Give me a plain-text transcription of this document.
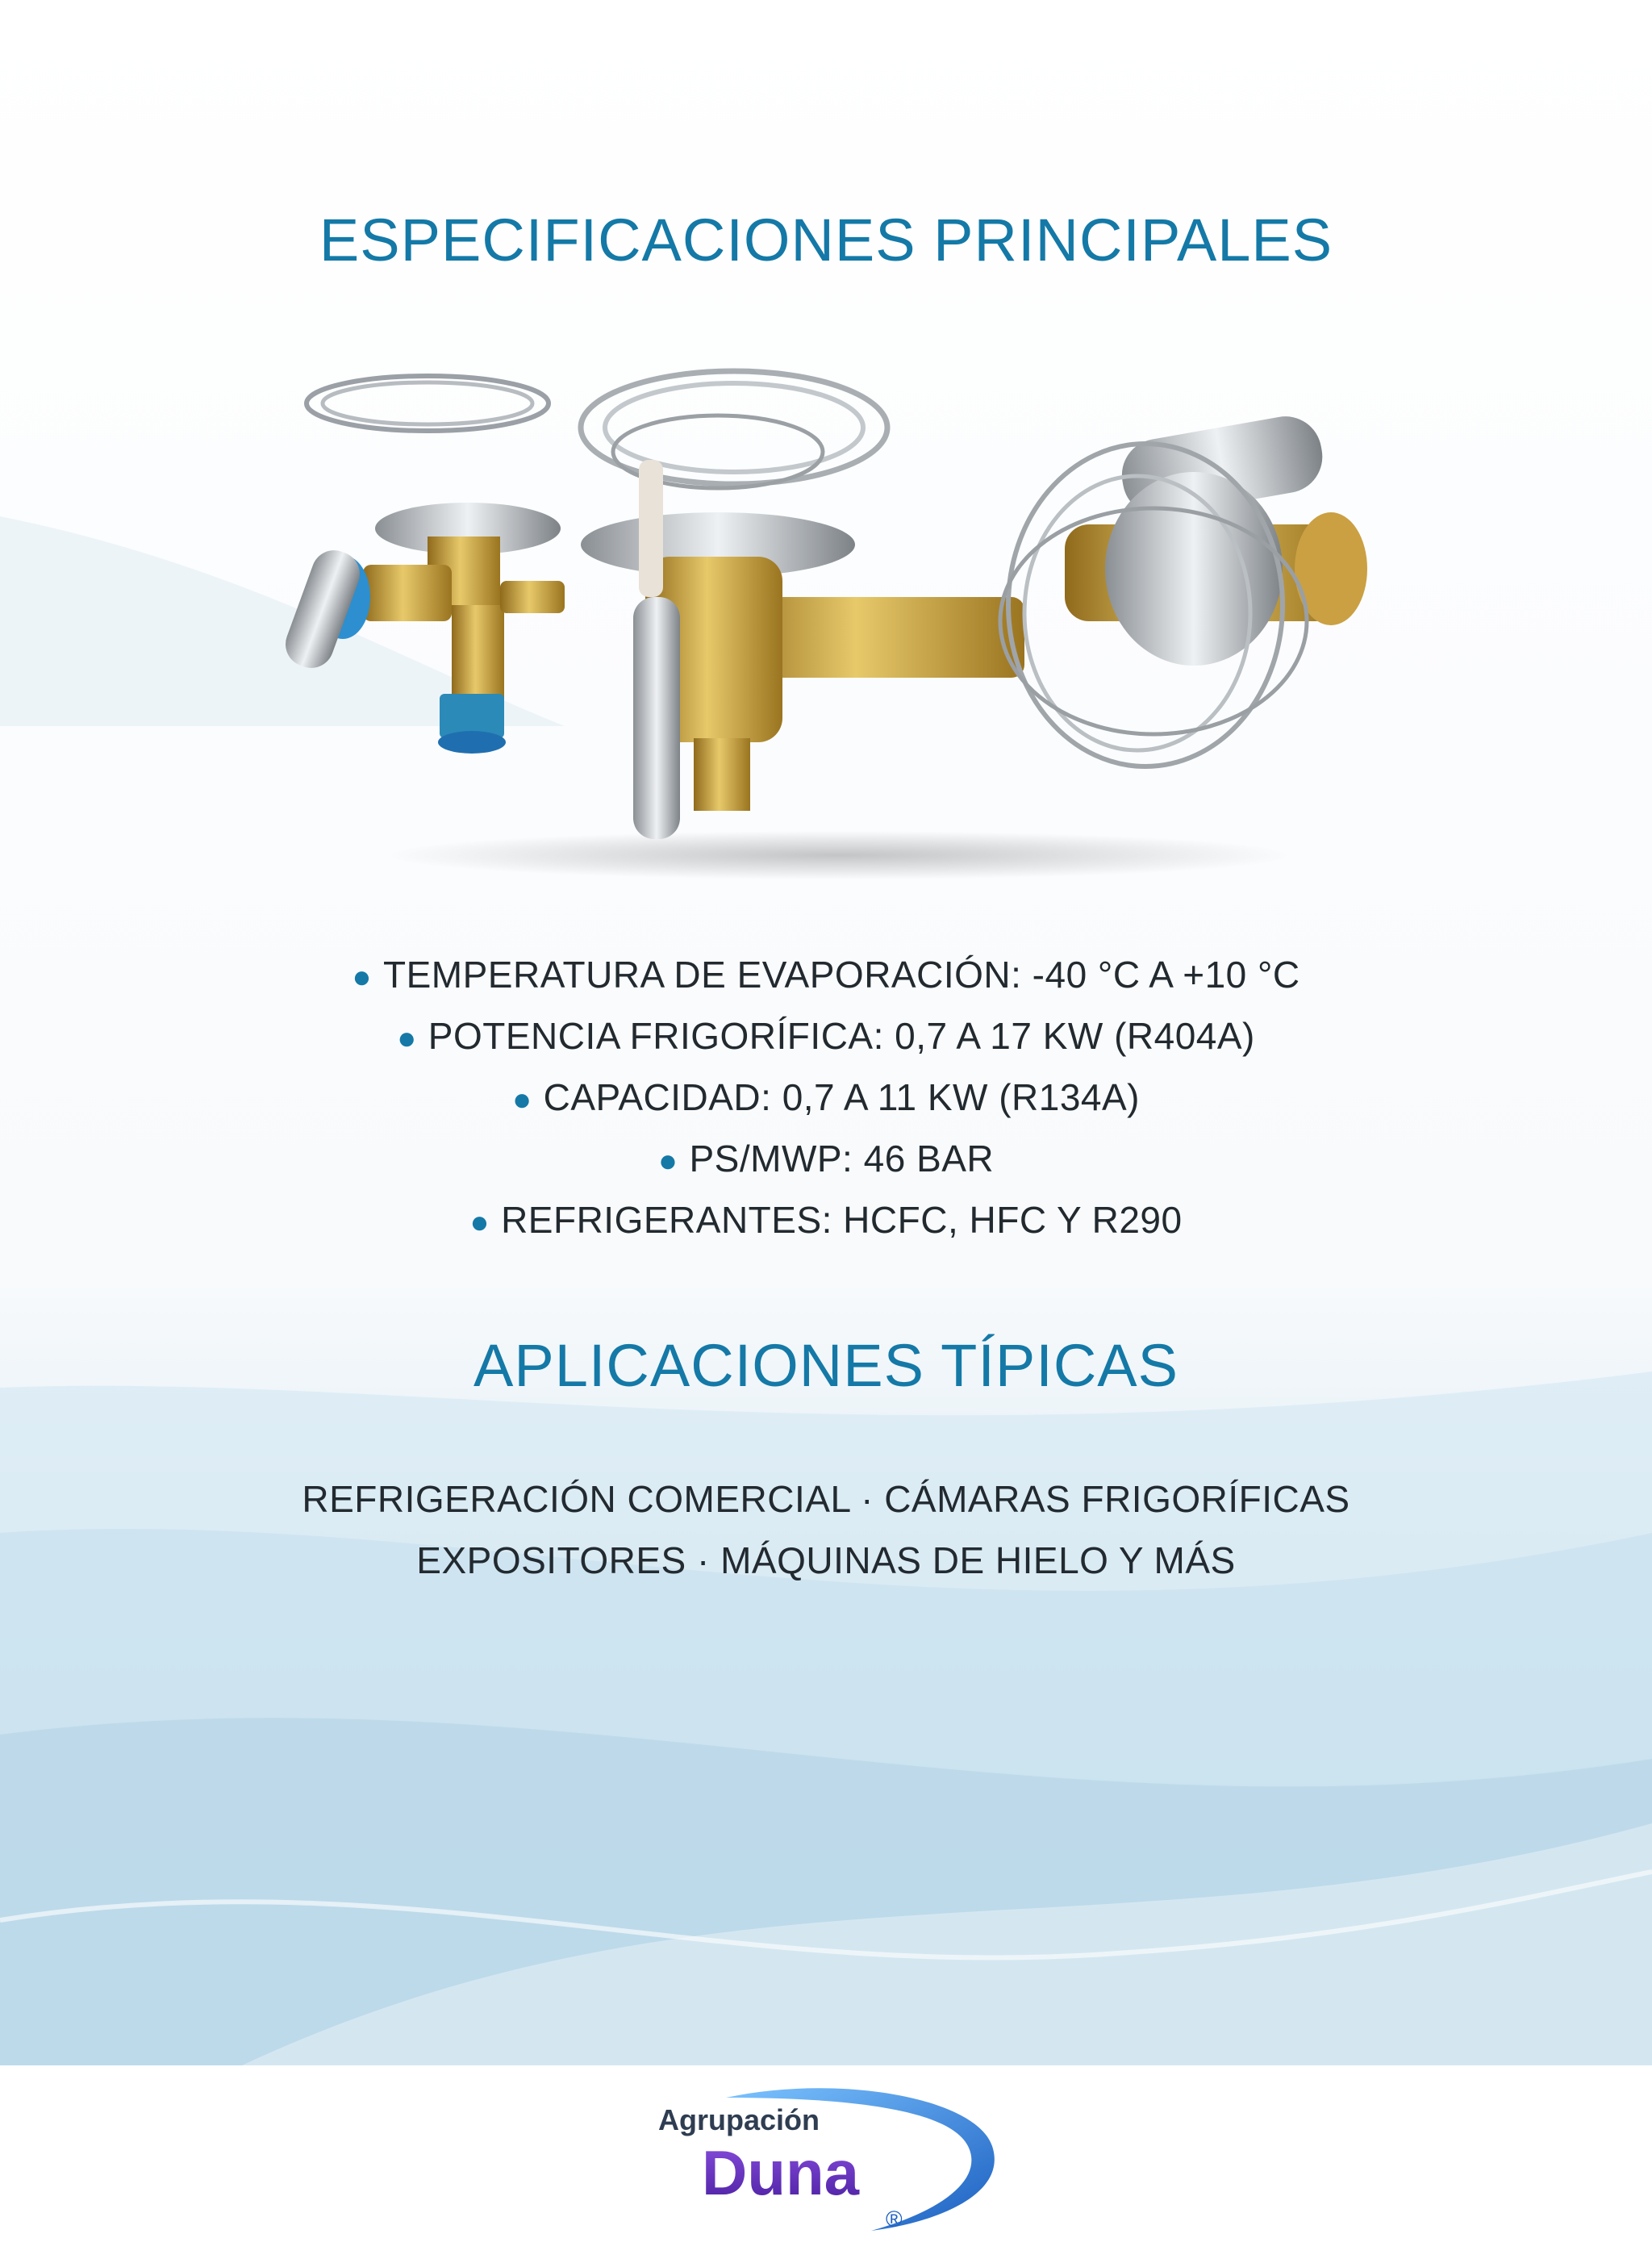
ESPECIFICACIONES PRINCIPALES
● TEMPERATURA DE EVAPORACIÓN: -40 °C A +10 °C
● POTENCIA FRIGORÍFICA: 0,7 A 17 KW (R404A)
● CAPACIDAD: 0,7 A 11 KW (R134A)
● PS/MWP: 46 BAR
● REFRIGERANTES: HCFC, HFC Y R290
APLICACIONES TÍPICAS
REFRIGERACIÓN COMERCIAL · CÁMARAS FRIGORÍFICAS
EXPOSITORES · MÁQUINAS DE HIELO Y MÁS
Agrupación
Duna
®
